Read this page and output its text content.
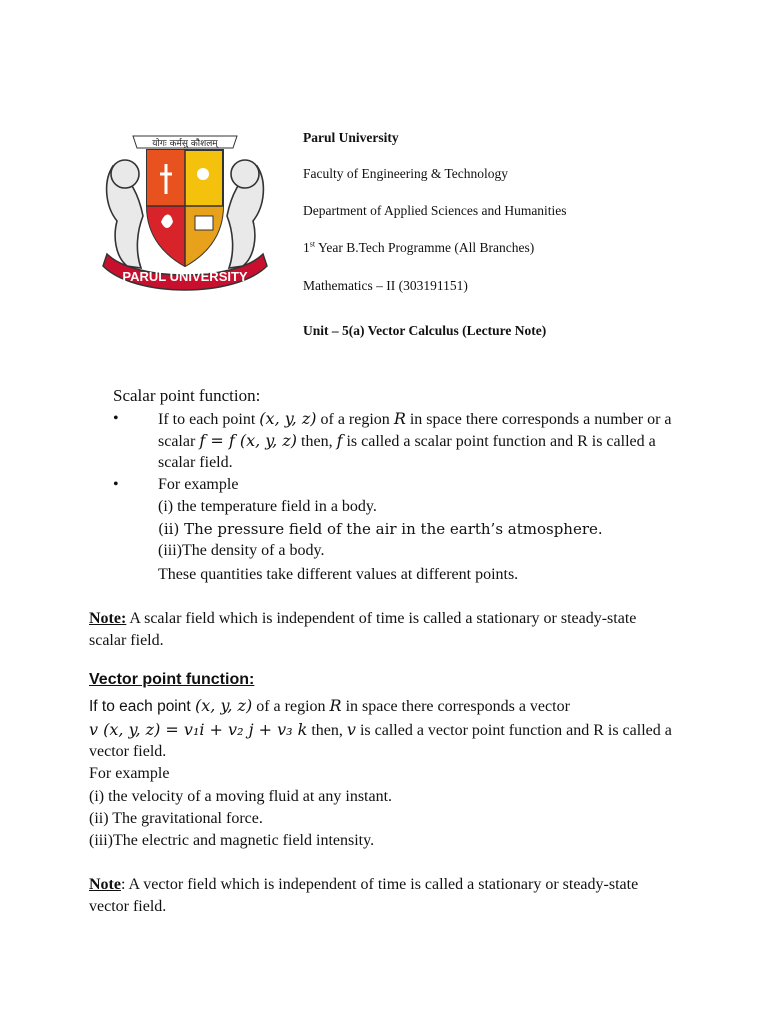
PARUL UNIVERSITY
योगः कर्मसु कौशलम्	Parul University
Faculty of Engineering & Technology
Department of Applied Sciences and Humanities
1st Year B.Tech Programme (All Branches)
Mathematics – II (303191151)
Unit – 5(a) Vector Calculus (Lecture Note)
Scalar point function:
• If to each point (x, y, z) of a region R in space there corresponds a number or a
scalar f = f (x, y, z) then, f is called a scalar point function and R is called a
scalar field.
• For example
(i) the temperature field in a body.
(ii) The pressure field of the air in the earth’s atmosphere.
(iii)The density of a body.
These quantities take different values at different points.
Note: A scalar field which is independent of time is called a stationary or steady-state
scalar field.
Vector point function:
If to each point (x, y, z) of a region R in space there corresponds a vector
v (x, y, z) = v₁i + v₂ j + v₃ k then, v is called a vector point function and R is called a
vector field.
For example
(i) the velocity of a moving fluid at any instant.
(ii) The gravitational force.
(iii)The electric and magnetic field intensity.
Note: A vector field which is independent of time is called a stationary or steady-state
vector field.
